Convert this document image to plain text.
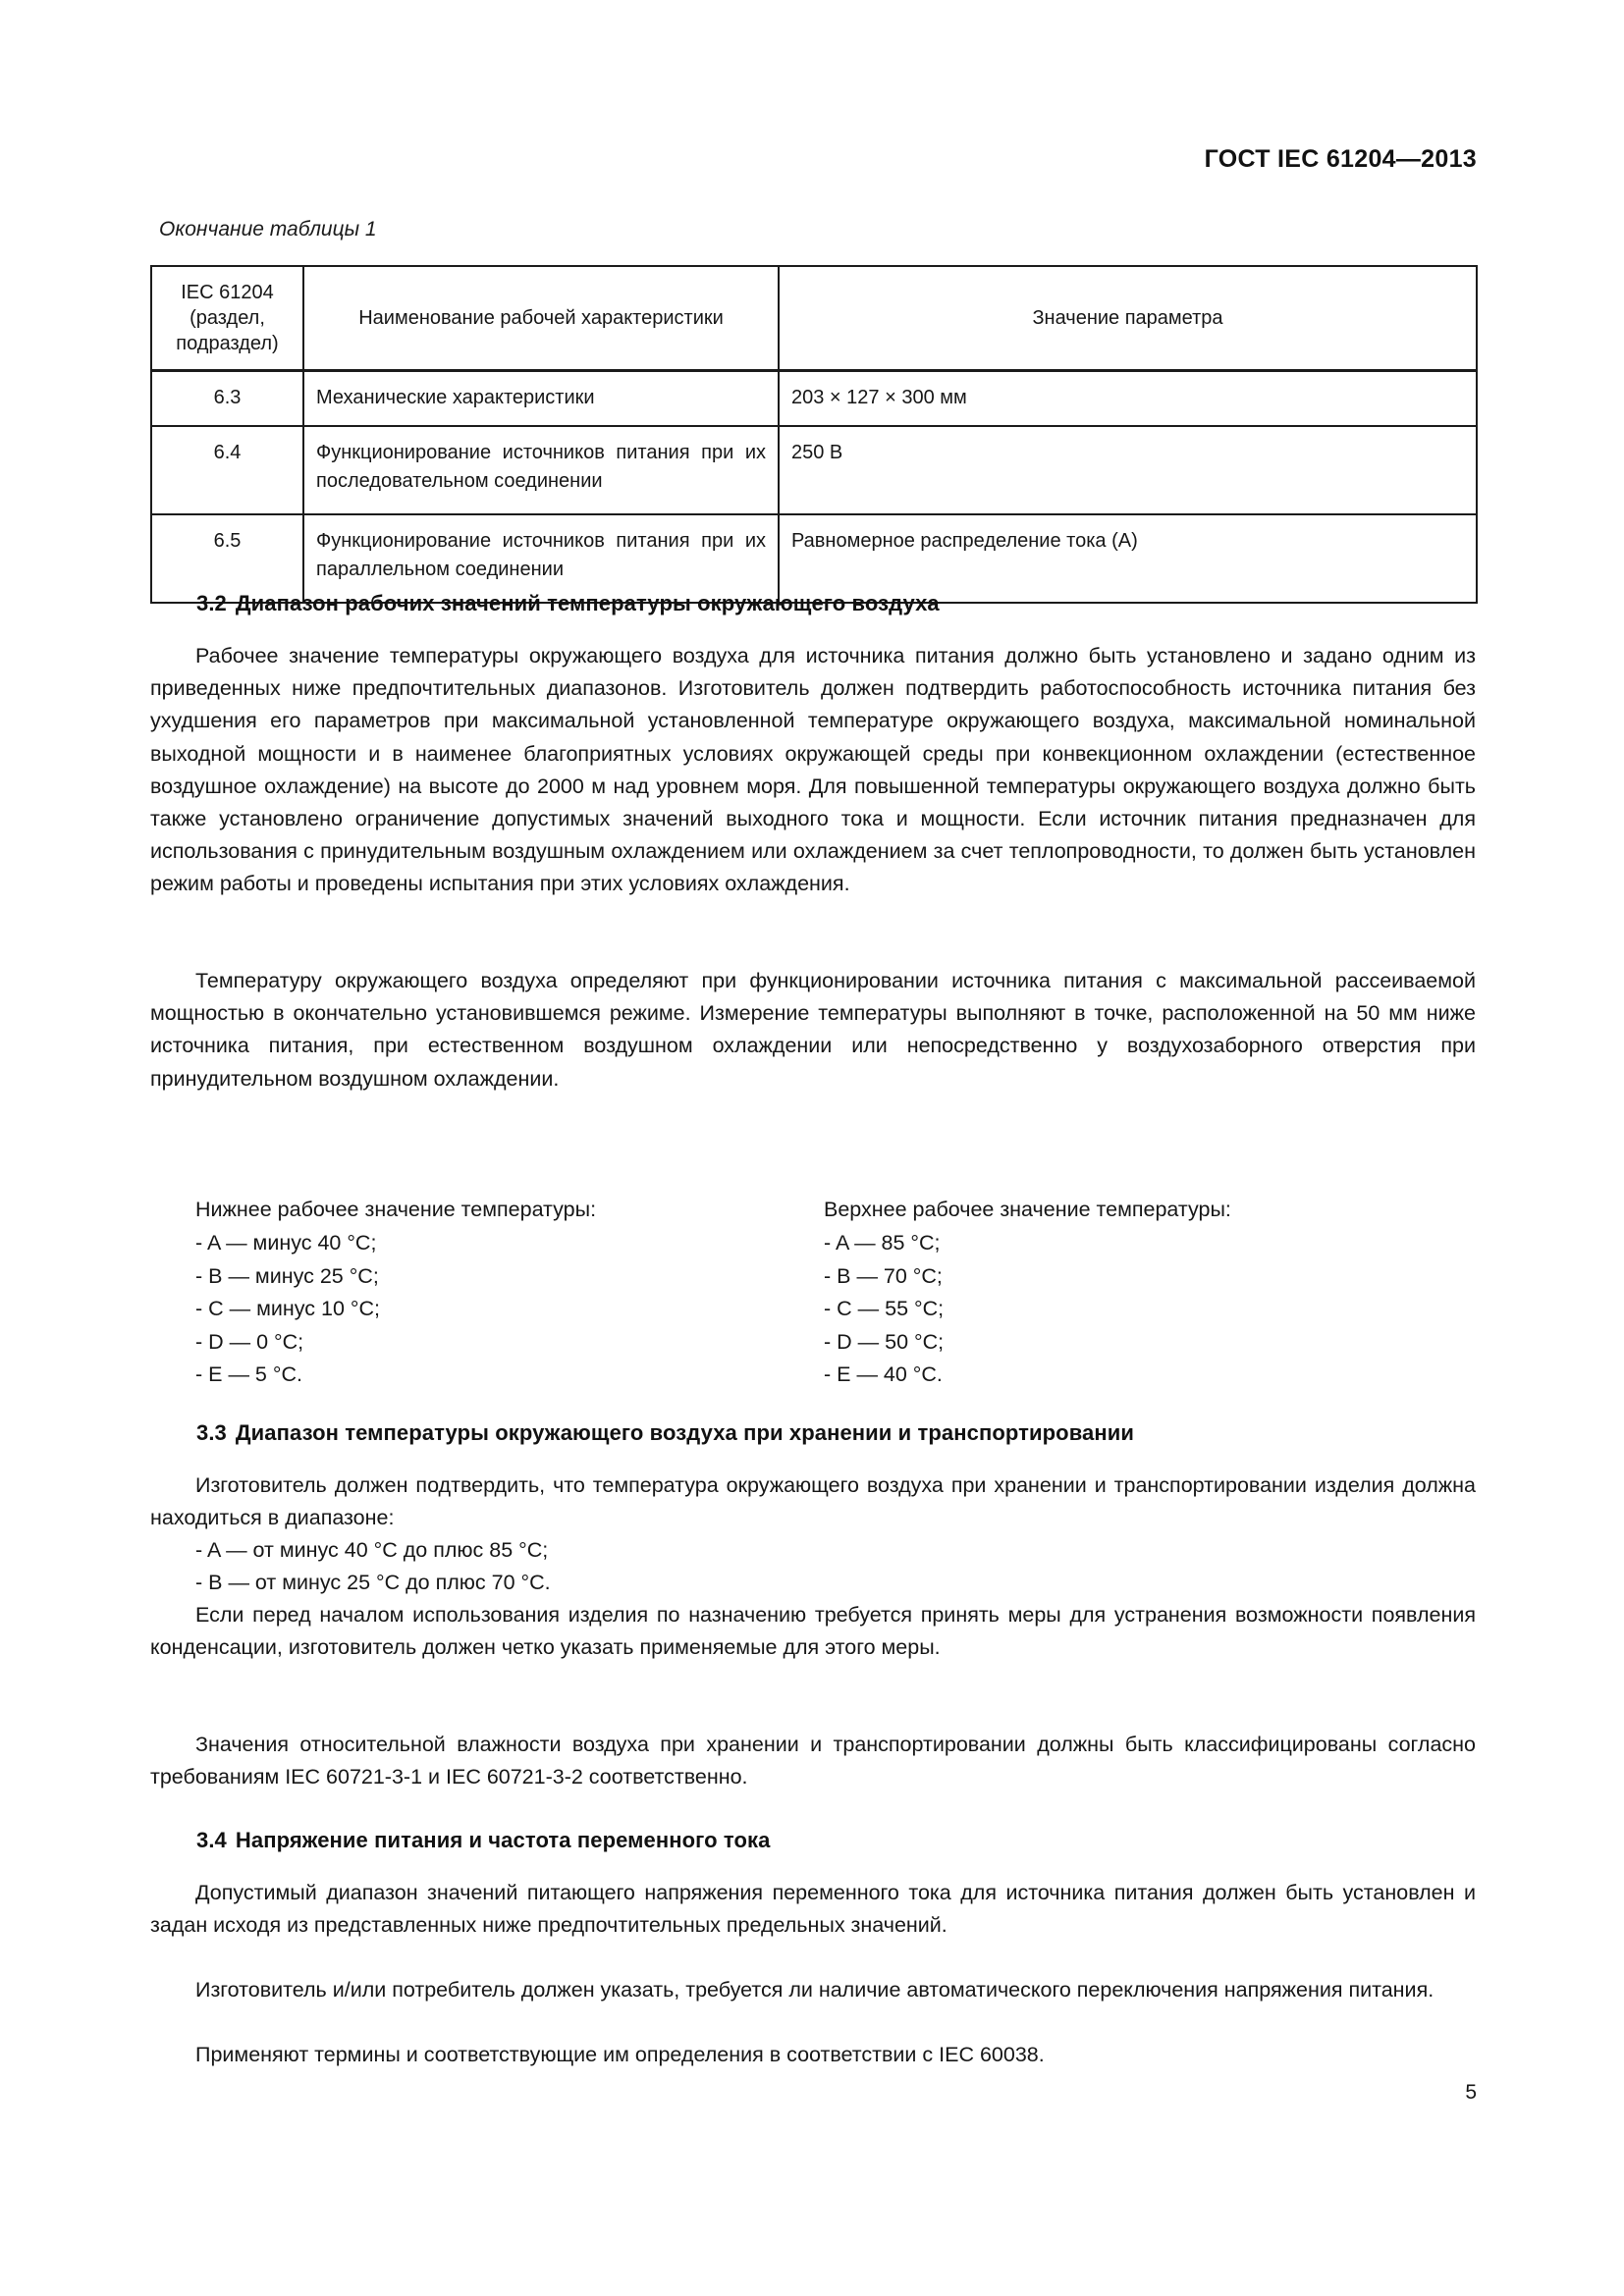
ГОСТ IEC 61204—2013
Окончание таблицы 1
IEC 61204
(раздел,
подраздел)	Наименование рабочей характеристики	Значение параметра
6.3	Механические характеристики	203 × 127 × 300 мм
6.4	Функционирование источников питания при их последовательном соединении	250 В
6.5	Функционирование источников питания при их параллельном соединении	Равномерное распределение тока (А)
3.2 Диапазон рабочих значений температуры окружающего воздуха
Рабочее значение температуры окружающего воздуха для источника питания должно быть установлено и задано одним из приведенных ниже предпочтительных диапазонов. Изготовитель должен подтвердить работоспособность источника питания без ухудшения его параметров при максимальной установленной температуре окружающего воздуха, максимальной номинальной выходной мощности и в наименее благоприятных условиях окружающей среды при конвекционном охлаждении (естественное воздушное охлаждение) на высоте до 2000 м над уровнем моря. Для повышенной температуры окружающего воздуха должно быть также установлено ограничение допустимых значений выходного тока и мощности. Если источник питания предназначен для использования с принудительным воздушным охлаждением или охлаждением за счет теплопроводности, то должен быть установлен режим работы и проведены испытания при этих условиях охлаждения.
Температуру окружающего воздуха определяют при функционировании источника питания с максимальной рассеиваемой мощностью в окончательно установившемся режиме. Измерение температуры выполняют в точке, расположенной на 50 мм ниже источника питания, при естественном воздушном охлаждении или непосредственно у воздухозаборного отверстия при принудительном воздушном охлаждении.
Нижнее рабочее значение температуры:
- A — минус 40 °C;
- B — минус 25 °C;
- C — минус 10 °C;
- D — 0 °C;
- E — 5 °C.
Верхнее рабочее значение температуры:
- A — 85 °C;
- B — 70 °C;
- C — 55 °C;
- D — 50 °C;
- E — 40 °C.
3.3 Диапазон температуры окружающего воздуха при хранении и транспортировании
Изготовитель должен подтвердить, что температура окружающего воздуха при хранении и транспортировании изделия должна находиться в диапазоне:
- A — от минус 40 °C до плюс 85 °C;
- B — от минус 25 °C до плюс 70 °C.
Если перед началом использования изделия по назначению требуется принять меры для устранения возможности появления конденсации, изготовитель должен четко указать применяемые для этого меры.
Значения относительной влажности воздуха при хранении и транспортировании должны быть классифицированы согласно требованиям IEC 60721-3-1 и IEC 60721-3-2 соответственно.
3.4 Напряжение питания и частота переменного тока
Допустимый диапазон значений питающего напряжения переменного тока для источника питания должен быть установлен и задан исходя из представленных ниже предпочтительных предельных значений.
Изготовитель и/или потребитель должен указать, требуется ли наличие автоматического переключения напряжения питания.
Применяют термины и соответствующие им определения в соответствии с IEC 60038.
5
